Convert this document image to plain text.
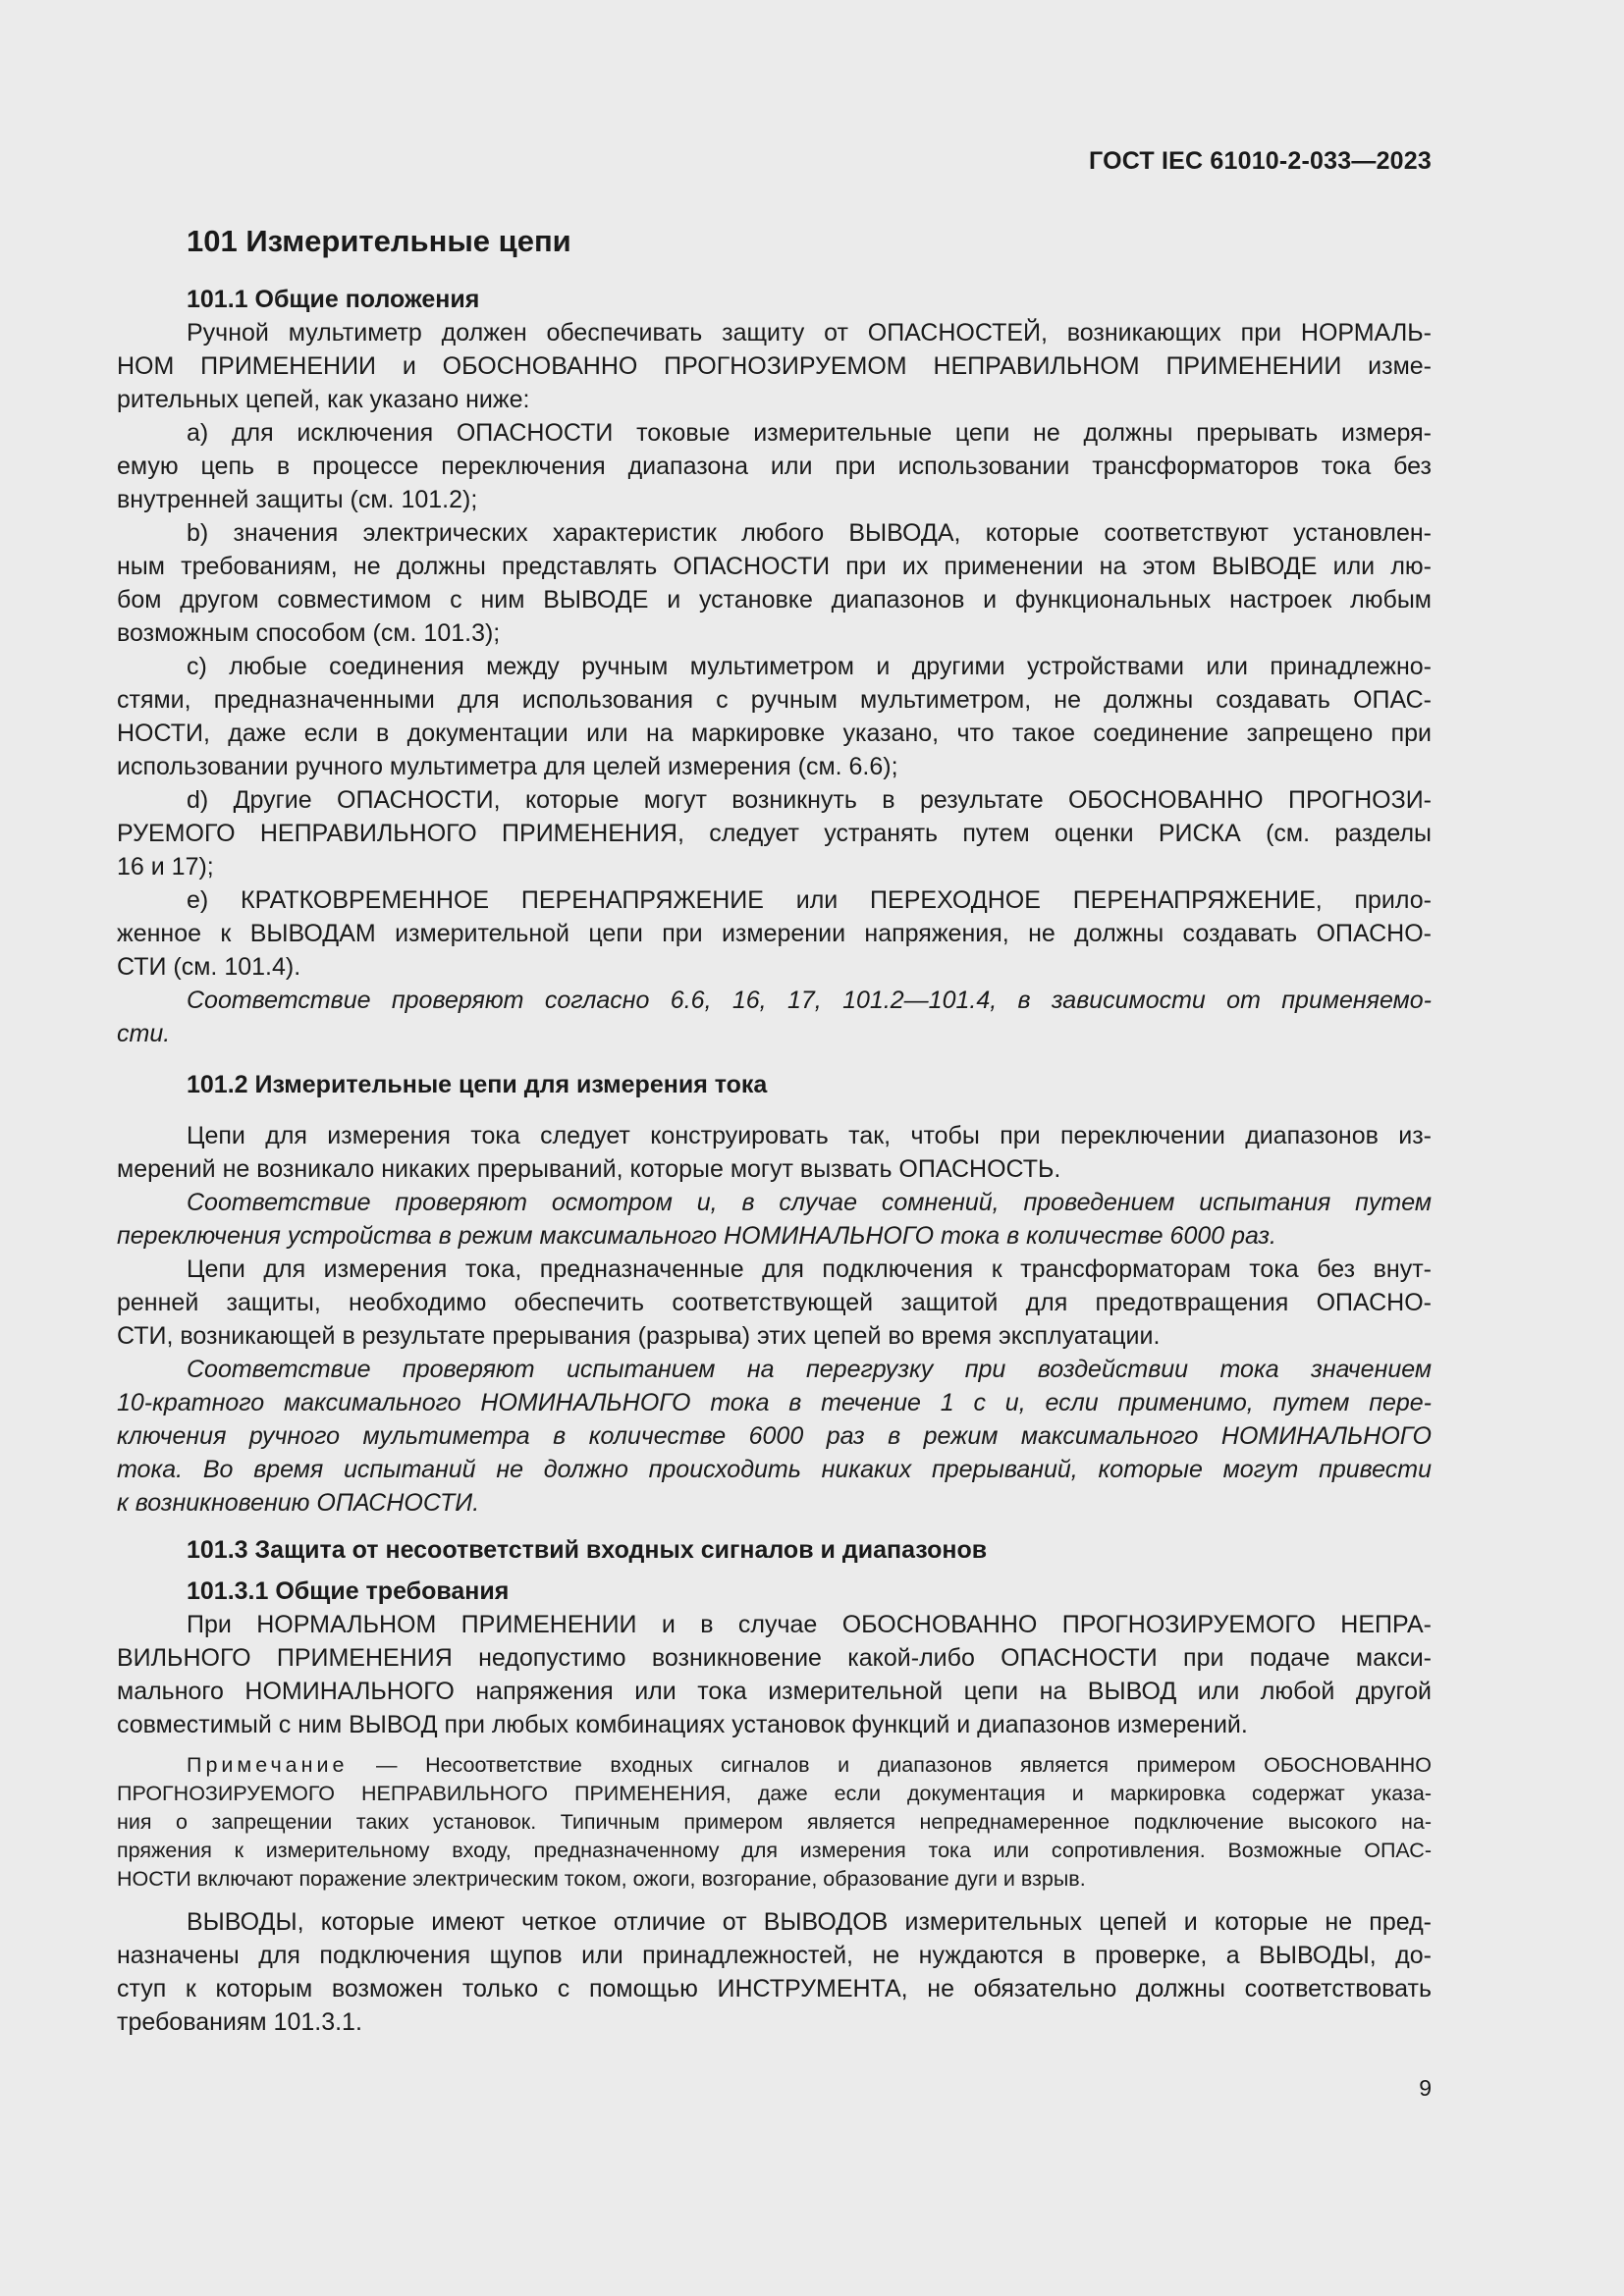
ГОСТ IEC 61010-2-033—2023
101 Измерительные цепи
101.1 Общие положения
Ручной мультиметр должен обеспечивать защиту от ОПАСНОСТЕЙ, возникающих при НОРМАЛЬ-
НОМ ПРИМЕНЕНИИ и ОБОСНОВАННО ПРОГНОЗИРУЕМОМ НЕПРАВИЛЬНОМ ПРИМЕНЕНИИ изме-
рительных цепей, как указано ниже:
a) для исключения ОПАСНОСТИ токовые измерительные цепи не должны прерывать измеря-
емую цепь в процессе переключения диапазона или при использовании трансформаторов тока без
внутренней защиты (см. 101.2);
b) значения электрических характеристик любого ВЫВОДА, которые соответствуют установлен-
ным требованиям, не должны представлять ОПАСНОСТИ при их применении на этом ВЫВОДЕ или лю-
бом другом совместимом с ним ВЫВОДЕ и установке диапазонов и функциональных настроек любым
возможным способом (см. 101.3);
c) любые соединения между ручным мультиметром и другими устройствами или принадлежно-
стями, предназначенными для использования с ручным мультиметром, не должны создавать ОПАС-
НОСТИ, даже если в документации или на маркировке указано, что такое соединение запрещено при
использовании ручного мультиметра для целей измерения (см. 6.6);
d) Другие ОПАСНОСТИ, которые могут возникнуть в результате ОБОСНОВАННО ПРОГНОЗИ-
РУЕМОГО НЕПРАВИЛЬНОГО ПРИМЕНЕНИЯ, следует устранять путем оценки РИСКА (см. разделы
16 и 17);
e) КРАТКОВРЕМЕННОЕ ПЕРЕНАПРЯЖЕНИЕ или ПЕРЕХОДНОЕ ПЕРЕНАПРЯЖЕНИЕ, прило-
женное к ВЫВОДАМ измерительной цепи при измерении напряжения, не должны создавать ОПАСНО-
СТИ (см. 101.4).
Соответствие проверяют согласно 6.6, 16, 17, 101.2—101.4, в зависимости от применяемо-
сти.
101.2 Измерительные цепи для измерения тока
Цепи для измерения тока следует конструировать так, чтобы при переключении диапазонов из-
мерений не возникало никаких прерываний, которые могут вызвать ОПАСНОСТЬ.
Соответствие проверяют осмотром и, в случае сомнений, проведением испытания путем
переключения устройства в режим максимального НОМИНАЛЬНОГО тока в количестве 6000 раз.
Цепи для измерения тока, предназначенные для подключения к трансформаторам тока без внут-
ренней защиты, необходимо обеспечить соответствующей защитой для предотвращения ОПАСНО-
СТИ, возникающей в результате прерывания (разрыва) этих цепей во время эксплуатации.
Соответствие проверяют испытанием на перегрузку при воздействии тока значением
10-кратного максимального НОМИНАЛЬНОГО тока в течение 1 с и, если применимо, путем пере-
ключения ручного мультиметра в количестве 6000 раз в режим максимального НОМИНАЛЬНОГО
тока. Во время испытаний не должно происходить никаких прерываний, которые могут привести
к возникновению ОПАСНОСТИ.
101.3 Защита от несоответствий входных сигналов и диапазонов
101.3.1 Общие требования
При НОРМАЛЬНОМ ПРИМЕНЕНИИ и в случае ОБОСНОВАННО ПРОГНОЗИРУЕМОГО НЕПРА-
ВИЛЬНОГО ПРИМЕНЕНИЯ недопустимо возникновение какой-либо ОПАСНОСТИ при подаче макси-
мального НОМИНАЛЬНОГО напряжения или тока измерительной цепи на ВЫВОД или любой другой
совместимый с ним ВЫВОД при любых комбинациях установок функций и диапазонов измерений.
Примечание — Несоответствие входных сигналов и диапазонов является примером ОБОСНОВАННО
ПРОГНОЗИРУЕМОГО НЕПРАВИЛЬНОГО ПРИМЕНЕНИЯ, даже если документация и маркировка содержат указа-
ния о запрещении таких установок. Типичным примером является непреднамеренное подключение высокого на-
пряжения к измерительному входу, предназначенному для измерения тока или сопротивления. Возможные ОПАС-
НОСТИ включают поражение электрическим током, ожоги, возгорание, образование дуги и взрыв.
ВЫВОДЫ, которые имеют четкое отличие от ВЫВОДОВ измерительных цепей и которые не пред-
назначены для подключения щупов или принадлежностей, не нуждаются в проверке, а ВЫВОДЫ, до-
ступ к которым возможен только с помощью ИНСТРУМЕНТА, не обязательно должны соответствовать
требованиям 101.3.1.
9
